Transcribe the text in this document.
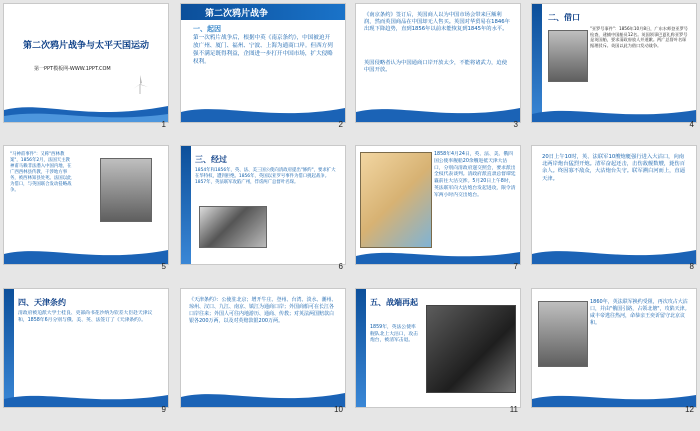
第二次鸦片战争与太平天国运动
第一PPT模板网-WWW.1PPT.COM
1
第二次鸦片战争
一、起因
第一次鸦片战争后，根据中英《南京条约》，中国被迫开放广州、厦门、福州、宁波、上海为通商口岸。但西方列强不满足既得利益，企图进一步打开中国市场，扩大侵略权利。
2
《南京条约》签订后，英国商人以为中国市场会带来巨额利润，然而英国商品在中国却无人售买。英国对华贸易在1846年出现下降趋势，直到1856年以前未能恢复到1845年的水平。
英国侵略者认为中国通商口岸开放太少，不能将诸武力，迫使中国开放。
3
二、借口
"亚罗号事件"：1856年10月8日，广东水师登亚罗号检查，逮捕中国船员12名。英国领事巴夏礼称亚罗号是英国船，要求清政府放人并道歉。两广总督叶名琛据理驳斥。英国以此为借口发动战争。
4
"马神甫事件"：又称"西林教案"，1856年2月，法国天主教神甫马赖非法潜入中国内地，在广西西林县传教，干涉地方事务，被西林知县处死。法国以此为借口，与英国联合发动侵略战争。
5
三、经过
1854年和1856年，英、法、美三国公使向清政府提出"修约"，要求扩大在华特权，遭到拒绝。1856年，英国以亚罗号事件为借口挑起战争。1857年，英法联军攻陷广州，俘虏两广总督叶名琛。
6
1858年4月24日，英、法、美、俄四国公使率舰船20余艘进抵天津大沽口，分别向清政府递交照会，要求派出全权代表谈判。清政府派直隶总督谭廷襄前往大沽交涉。5月20日上午8时，英法联军向大沽炮台发起进攻，限令清军两小时内交出炮台。
7
20日上午10时，英、法联军10艘炮艇强行进入大沽口，向南北两岸炮台猛烈开炮。清军奋起还击，击伤敌舰数艘，毙伤百余人。终因寡不敌众，大沽炮台失守。联军溯白河而上，直逼天津。
8
四、天津条约
清政府被迫派大学士桂良、吏部尚书花沙纳为钦差大臣赴天津议和，1858年6月分别与俄、美、英、法签订了《天津条约》。
9
《天津条约》：公使驻北京；增开牛庄、登州、台湾、淡水、潮州、琼州、汉口、九江、南京、镇江为通商口岸；外国商船可在长江各口岸往来；外国人可往内地游历、通商、传教；对英法两国赔款白银各200万两，以及对英赔款银200万两。
10
五、战端再起
1859年，英法公使率舰队北上大沽口，攻击炮台，被清军击退。
11
1860年，英法联军换约受阻，再次攻占大沽口，并由"俄国引路，占领北塘"，攻陷天津。咸丰帝逃往热河，命恭亲王奕䜣留守北京议和。
12
